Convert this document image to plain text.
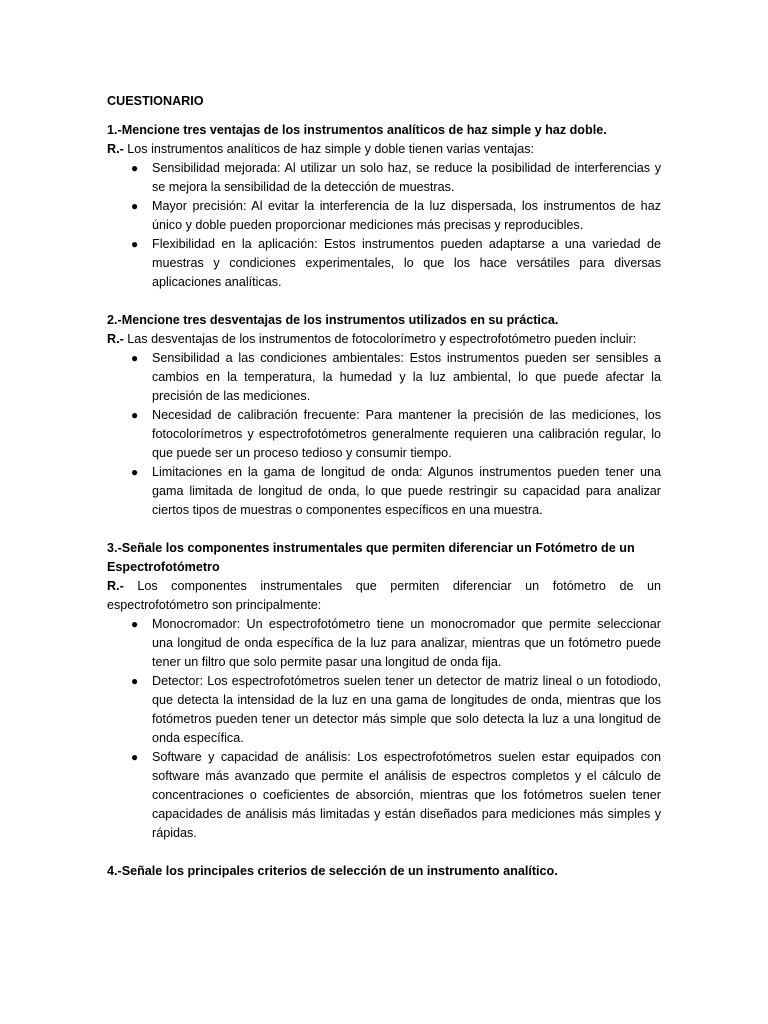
CUESTIONARIO

1.-Mencione tres ventajas de los instrumentos analíticos de haz simple y haz doble.

R.- Los instrumentos analíticos de haz simple y doble tienen varias ventajas:

● Sensibilidad mejorada: Al utilizar un solo haz, se reduce la posibilidad de interferencias y se mejora la sensibilidad de la detección de muestras.
● Mayor precisión: Al evitar la interferencia de la luz dispersada, los instrumentos de haz único y doble pueden proporcionar mediciones más precisas y reproducibles.
● Flexibilidad en la aplicación: Estos instrumentos pueden adaptarse a una variedad de muestras y condiciones experimentales, lo que los hace versátiles para diversas aplicaciones analíticas.

2.-Mencione tres desventajas de los instrumentos utilizados en su práctica.

R.- Las desventajas de los instrumentos de fotocolorímetro y espectrofotómetro pueden incluir:

● Sensibilidad a las condiciones ambientales: Estos instrumentos pueden ser sensibles a cambios en la temperatura, la humedad y la luz ambiental, lo que puede afectar la precisión de las mediciones.
● Necesidad de calibración frecuente: Para mantener la precisión de las mediciones, los fotocolorímetros y espectrofotómetros generalmente requieren una calibración regular, lo que puede ser un proceso tedioso y consumir tiempo.
● Limitaciones en la gama de longitud de onda: Algunos instrumentos pueden tener una gama limitada de longitud de onda, lo que puede restringir su capacidad para analizar ciertos tipos de muestras o componentes específicos en una muestra.

3.-Señale los componentes instrumentales que permiten diferenciar un Fotómetro de un Espectrofotómetro

R.- Los componentes instrumentales que permiten diferenciar un fotómetro de un espectrofotómetro son principalmente:

● Monocromador: Un espectrofotómetro tiene un monocromador que permite seleccionar una longitud de onda específica de la luz para analizar, mientras que un fotómetro puede tener un filtro que solo permite pasar una longitud de onda fija.
● Detector: Los espectrofotómetros suelen tener un detector de matriz lineal o un fotodiodo, que detecta la intensidad de la luz en una gama de longitudes de onda, mientras que los fotómetros pueden tener un detector más simple que solo detecta la luz a una longitud de onda específica.
● Software y capacidad de análisis: Los espectrofotómetros suelen estar equipados con software más avanzado que permite el análisis de espectros completos y el cálculo de concentraciones o coeficientes de absorción, mientras que los fotómetros suelen tener capacidades de análisis más limitadas y están diseñados para mediciones más simples y rápidas.

4.-Señale los principales criterios de selección de un instrumento analítico.
